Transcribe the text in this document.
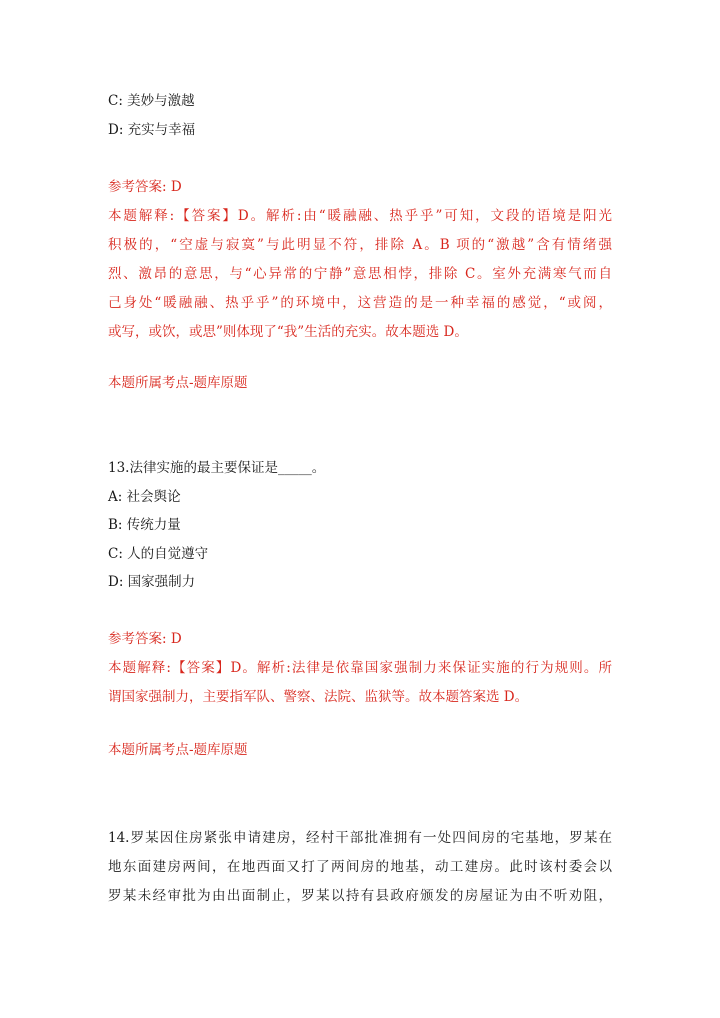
C: 美妙与激越
D: 充实与幸福
参考答案: D
本题解释:【答案】D。解析:由“暖融融、热乎乎”可知，文段的语境是阳光
积极的，“空虚与寂寞”与此明显不符，排除 A。B 项的“激越”含有情绪强
烈、激昂的意思，与“心异常的宁静”意思相悖，排除 C。室外充满寒气而自
己身处“暖融融、热乎乎”的环境中，这营造的是一种幸福的感觉，“或阅，
或写，或饮，或思”则体现了“我”生活的充实。故本题选 D。
本题所属考点-题库原题
13.法律实施的最主要保证是_____。
A: 社会舆论
B: 传统力量
C: 人的自觉遵守
D: 国家强制力
参考答案: D
本题解释:【答案】D。解析:法律是依靠国家强制力来保证实施的行为规则。所
谓国家强制力，主要指军队、警察、法院、监狱等。故本题答案选 D。
本题所属考点-题库原题
14.罗某因住房紧张申请建房，经村干部批准拥有一处四间房的宅基地，罗某在
地东面建房两间，在地西面又打了两间房的地基，动工建房。此时该村委会以
罗某未经审批为由出面制止，罗某以持有县政府颁发的房屋证为由不听劝阻，
